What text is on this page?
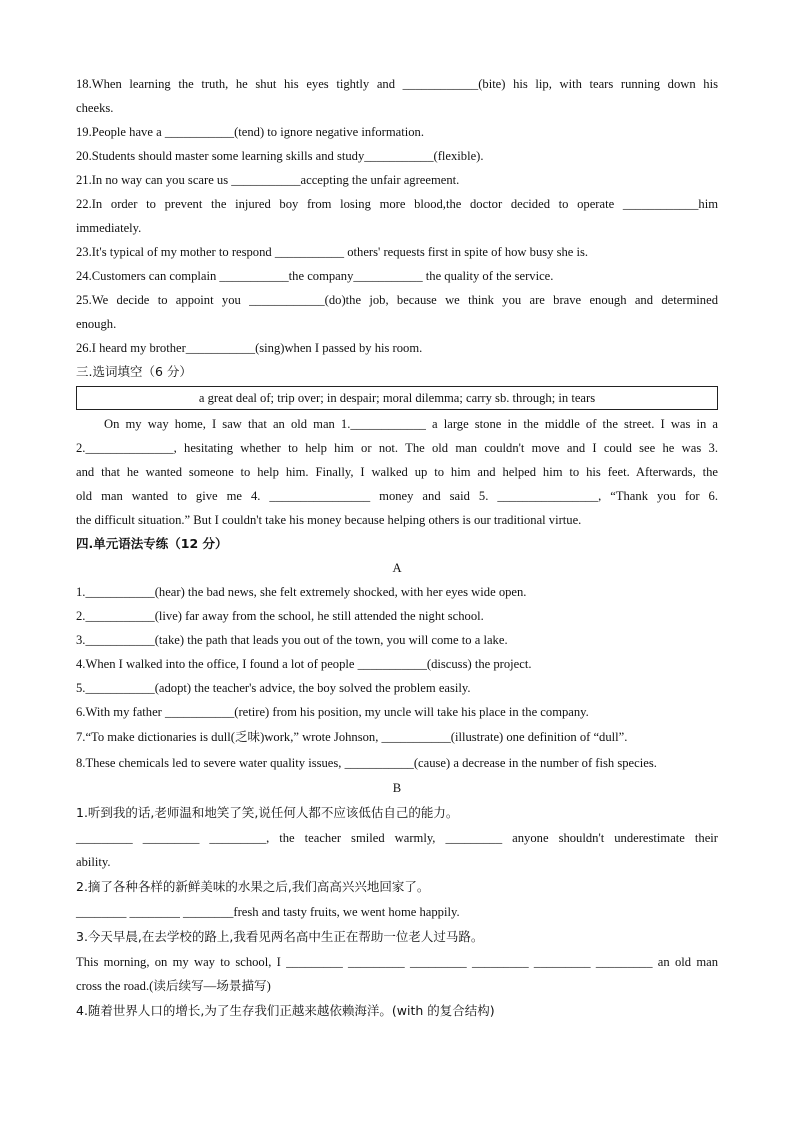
18.When learning the truth, he shut his eyes tightly and ____________(bite) his lip, with tears running down his
cheeks.
19.People have a ___________(tend) to ignore negative information.
20.Students should master some learning skills and study___________(flexible).
21.In no way can you scare us ___________accepting the unfair agreement.
22.In order to prevent the injured boy from losing more blood,the doctor decided to operate ____________him
immediately.
23.It's typical of my mother to respond ___________ others' requests first in spite of how busy she is.
24.Customers can complain ___________the company___________ the quality of the service.
25.We decide to appoint you ____________(do)the job, because we think you are brave enough and determined
enough.
26.I heard my brother___________(sing)when I passed by his room.
三.选词填空（6 分）
a great deal of; trip over; in despair; moral dilemma; carry sb. through; in tears
On my way home, I saw that an old man 1.____________ a large stone in the middle of the street. I was in a
2.______________, hesitating whether to help him or not. The old man couldn't move and I could see he was 3.
and that he wanted someone to help him. Finally, I walked up to him and helped him to his feet. Afterwards, the
old man wanted to give me 4. ________________ money and said 5. ________________, “Thank you for 6.
the difficult situation.” But I couldn't take his money because helping others is our traditional virtue.
四.单元语法专练（12 分）
A
1.___________(hear) the bad news, she felt extremely shocked, with her eyes wide open.
2.___________(live) far away from the school, he still attended the night school.
3.___________(take) the path that leads you out of the town, you will come to a lake.
4.When I walked into the office, I found a lot of people ___________(discuss) the project.
5.___________(adopt) the teacher's advice, the boy solved the problem easily.
6.With my father ___________(retire) from his position, my uncle will take his place in the company.
7.“To make dictionaries is dull(乏味)work,” wrote Johnson, ___________(illustrate) one definition of “dull”.
8.These chemicals led to severe water quality issues, ___________(cause) a decrease in the number of fish species.
B
1.听到我的话,老师温和地笑了笑,说任何人都不应该低估自己的能力。
_________ _________ _________, the teacher smiled warmly, _________ anyone shouldn't underestimate their
ability.
2.摘了各种各样的新鲜美味的水果之后,我们高高兴兴地回家了。
________ ________ ________fresh and tasty fruits, we went home happily.
3.今天早晨,在去学校的路上,我看见两名高中生正在帮助一位老人过马路。
This morning, on my way to school, I _________ _________ _________ _________ _________ _________ an old man
cross the road.(读后续写—场景描写)
4.随着世界人口的增长,为了生存我们正越来越依赖海洋。(with 的复合结构)
